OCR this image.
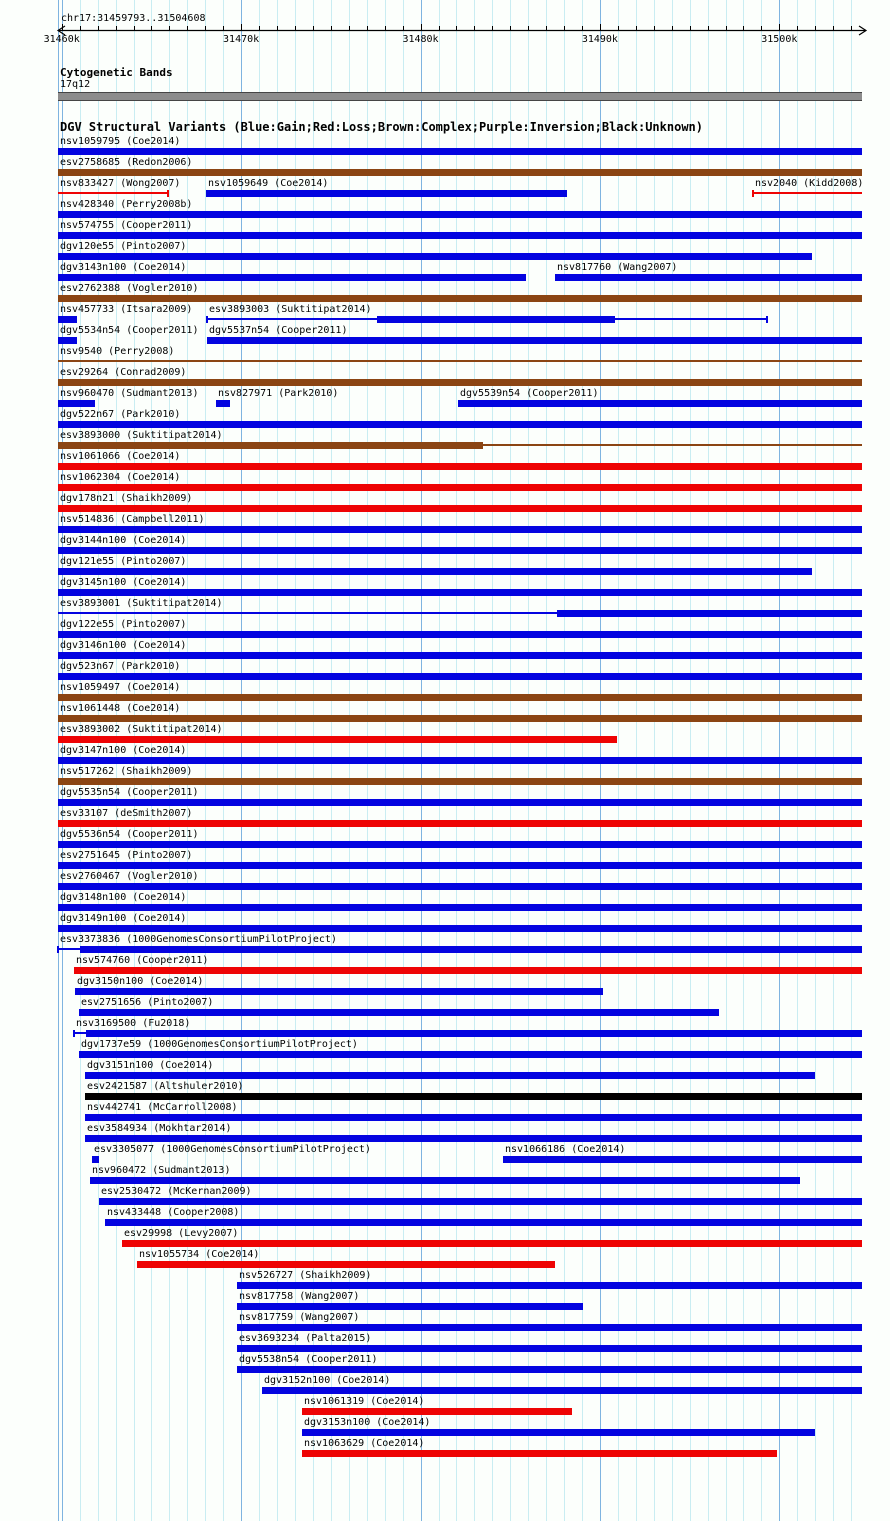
chr17:31459793..31504608
31460k	31470k	31480k	31490k	31500k
Cytogenetic Bands
17q12
DGV Structural Variants (Blue:Gain;Red:Loss;Brown:Complex;Purple:Inversion;Black:Unknown)
nsv1059795 (Coe2014)
esv2758685 (Redon2006)
nsv833427 (Wong2007)	nsv1059649 (Coe2014)	nsv2040 (Kidd2008)
nsv428340 (Perry2008b)
nsv574755 (Cooper2011)
dgv120e55 (Pinto2007)
dgv3143n100 (Coe2014)	nsv817760 (Wang2007)
esv2762388 (Vogler2010)
nsv457733 (Itsara2009) esv3893003 (Suktitipat2014)
dgv5534n54 (Cooper2011) dgv5537n54 (Cooper2011)
nsv9540 (Perry2008)
esv29264 (Conrad2009)
nsv960470 (Sudmant2013) nsv827971 (Park2010)	dgv5539n54 (Cooper2011)
dgv522n67 (Park2010)
esv3893000 (Suktitipat2014)
nsv1061066 (Coe2014)
nsv1062304 (Coe2014)
dgv178n21 (Shaikh2009)
nsv514836 (Campbell2011)
dgv3144n100 (Coe2014)
dgv121e55 (Pinto2007)
dgv3145n100 (Coe2014)
esv3893001 (Suktitipat2014)
dgv122e55 (Pinto2007)
dgv3146n100 (Coe2014)
dgv523n67 (Park2010)
nsv1059497 (Coe2014)
nsv1061448 (Coe2014)
esv3893002 (Suktitipat2014)
dgv3147n100 (Coe2014)
nsv517262 (Shaikh2009)
dgv5535n54 (Cooper2011)
esv33107 (deSmith2007)
dgv5536n54 (Cooper2011)
esv2751645 (Pinto2007)
esv2760467 (Vogler2010)
dgv3148n100 (Coe2014)
dgv3149n100 (Coe2014)
esv3373836 (1000GenomesConsortiumPilotProject)
nsv574760 (Cooper2011)
dgv3150n100 (Coe2014)
esv2751656 (Pinto2007)
nsv3169500 (Fu2018)
dgv1737e59 (1000GenomesConsortiumPilotProject)
dgv3151n100 (Coe2014)
esv2421587 (Altshuler2010)
nsv442741 (McCarroll2008)
esv3584934 (Mokhtar2014)
esv3305077 (1000GenomesConsortiumPilotProject)	nsv1066186 (Coe2014)
nsv960472 (Sudmant2013)
esv2530472 (McKernan2009)
nsv433448 (Cooper2008)
esv29998 (Levy2007)
nsv1055734 (Coe2014)
nsv526727 (Shaikh2009)
nsv817758 (Wang2007)
nsv817759 (Wang2007)
esv3693234 (Palta2015)
dgv5538n54 (Cooper2011)
dgv3152n100 (Coe2014)
nsv1061319 (Coe2014)
dgv3153n100 (Coe2014)
nsv1063629 (Coe2014)
